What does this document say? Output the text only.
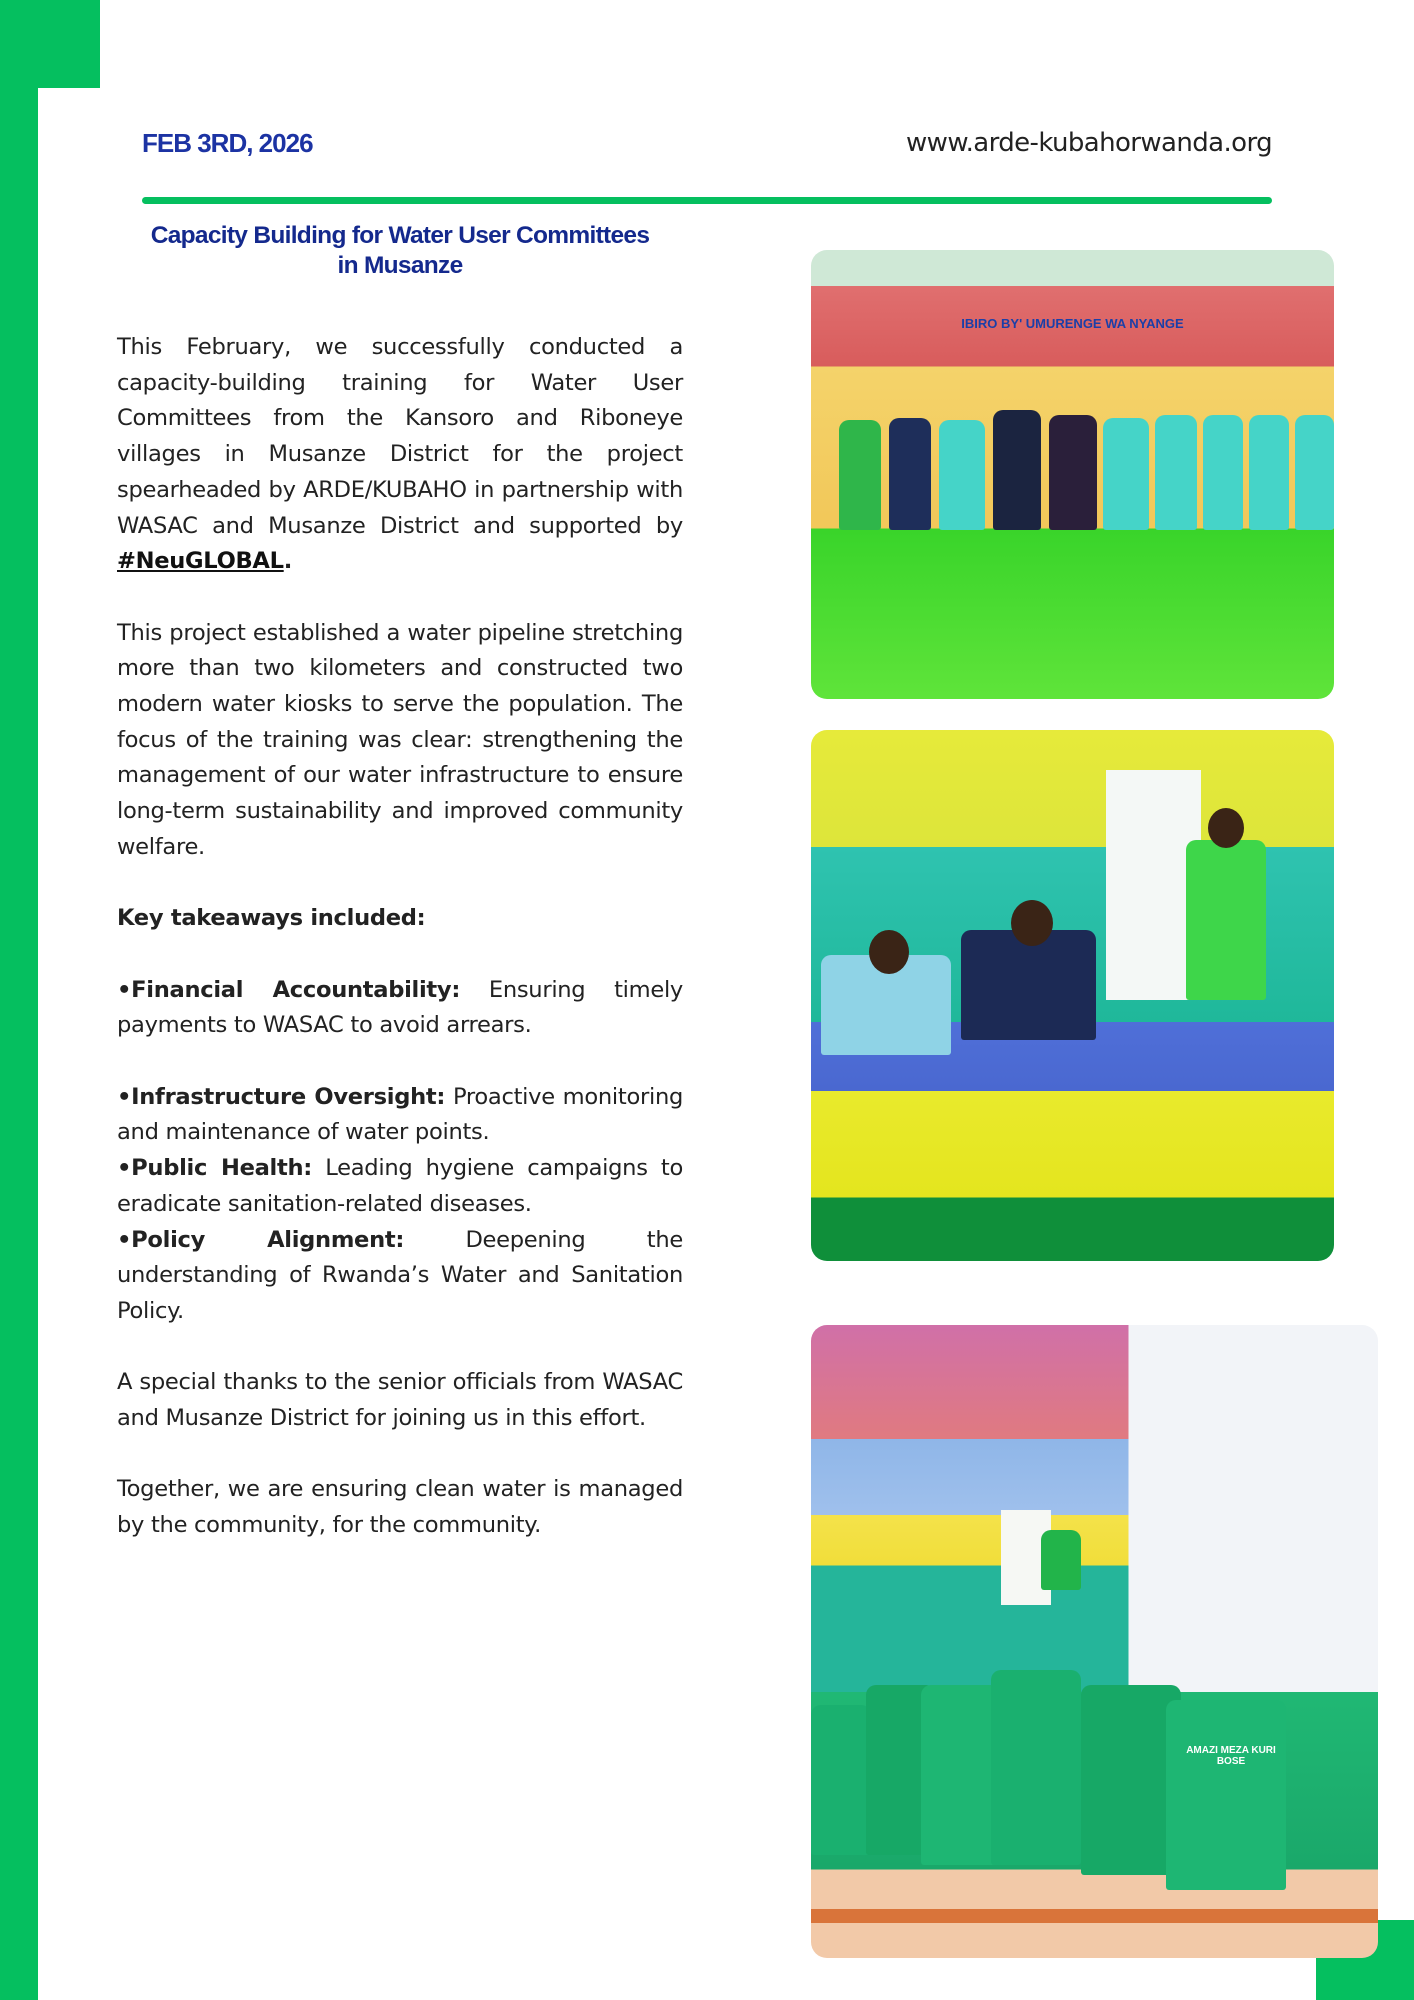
FEB 3RD, 2026	www.arde-kubahorwanda.org
Capacity Building for Water User Committees
in Musanze

This February, we successfully conducted a capacity-building training for Water User Committees from the Kansoro and Riboneye villages in Musanze District for the project spearheaded by ARDE/KUBAHO in partnership with WASAC and Musanze District and supported by #NeuGLOBAL.

This project established a water pipeline stretching more than two kilometers and constructed two modern water kiosks to serve the population. The focus of the training was clear: strengthening the management of our water infrastructure to ensure long-term sustainability and improved community welfare.

Key takeaways included:

•Financial Accountability: Ensuring timely payments to WASAC to avoid arrears.

•Infrastructure Oversight: Proactive monitoring and maintenance of water points.

•Public Health: Leading hygiene campaigns to eradicate sanitation-related diseases.

•Policy Alignment: Deepening the understanding of Rwanda’s Water and Sanitation Policy.

A special thanks to the senior officials from WASAC and Musanze District for joining us in this effort.

Together, we are ensuring clean water is managed by the community, for the community.

IBIRO BY' UMURENGE WA NYANGE
AMAZI MEZA KURI BOSE
